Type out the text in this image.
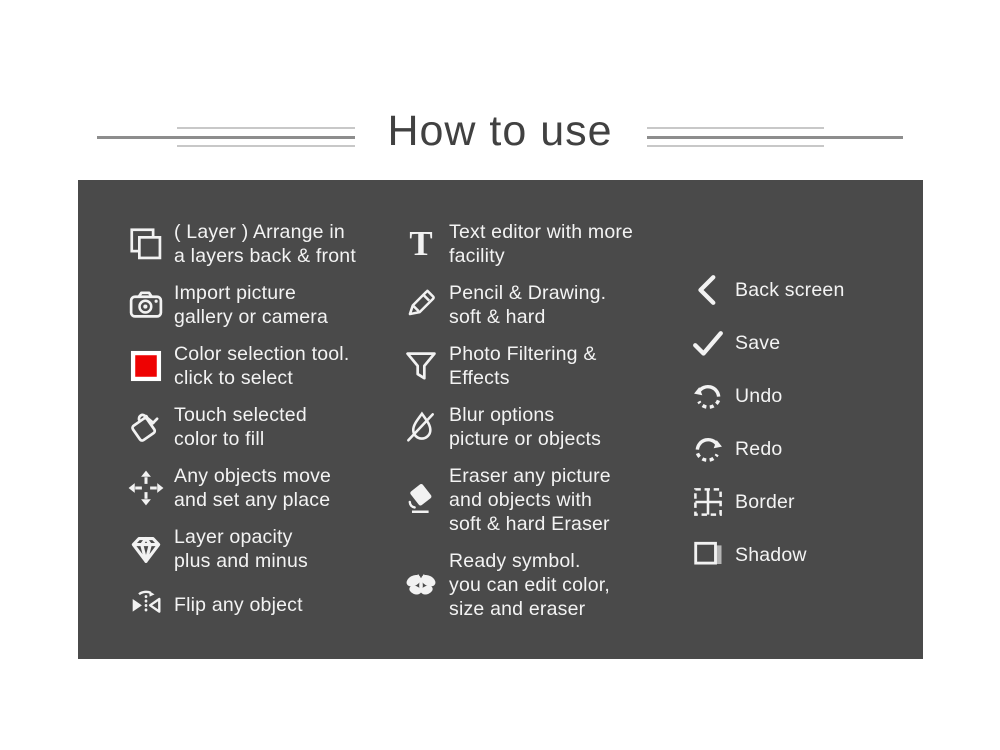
How to use
( Layer ) Arrange in
a layers back & front
Import picture
gallery or camera
Color selection tool.
click to select
Touch selected
color to fill
Any objects move
and set any place
Layer opacity
plus and minus
Flip any object
Text editor with more
facility
Pencil & Drawing.
soft & hard
Photo Filtering &
Effects
Blur options
picture or objects
Eraser any picture
and objects with
soft & hard Eraser
Ready symbol.
you can edit color,
size and eraser
Back screen
Save
Undo
Redo
Border
Shadow
